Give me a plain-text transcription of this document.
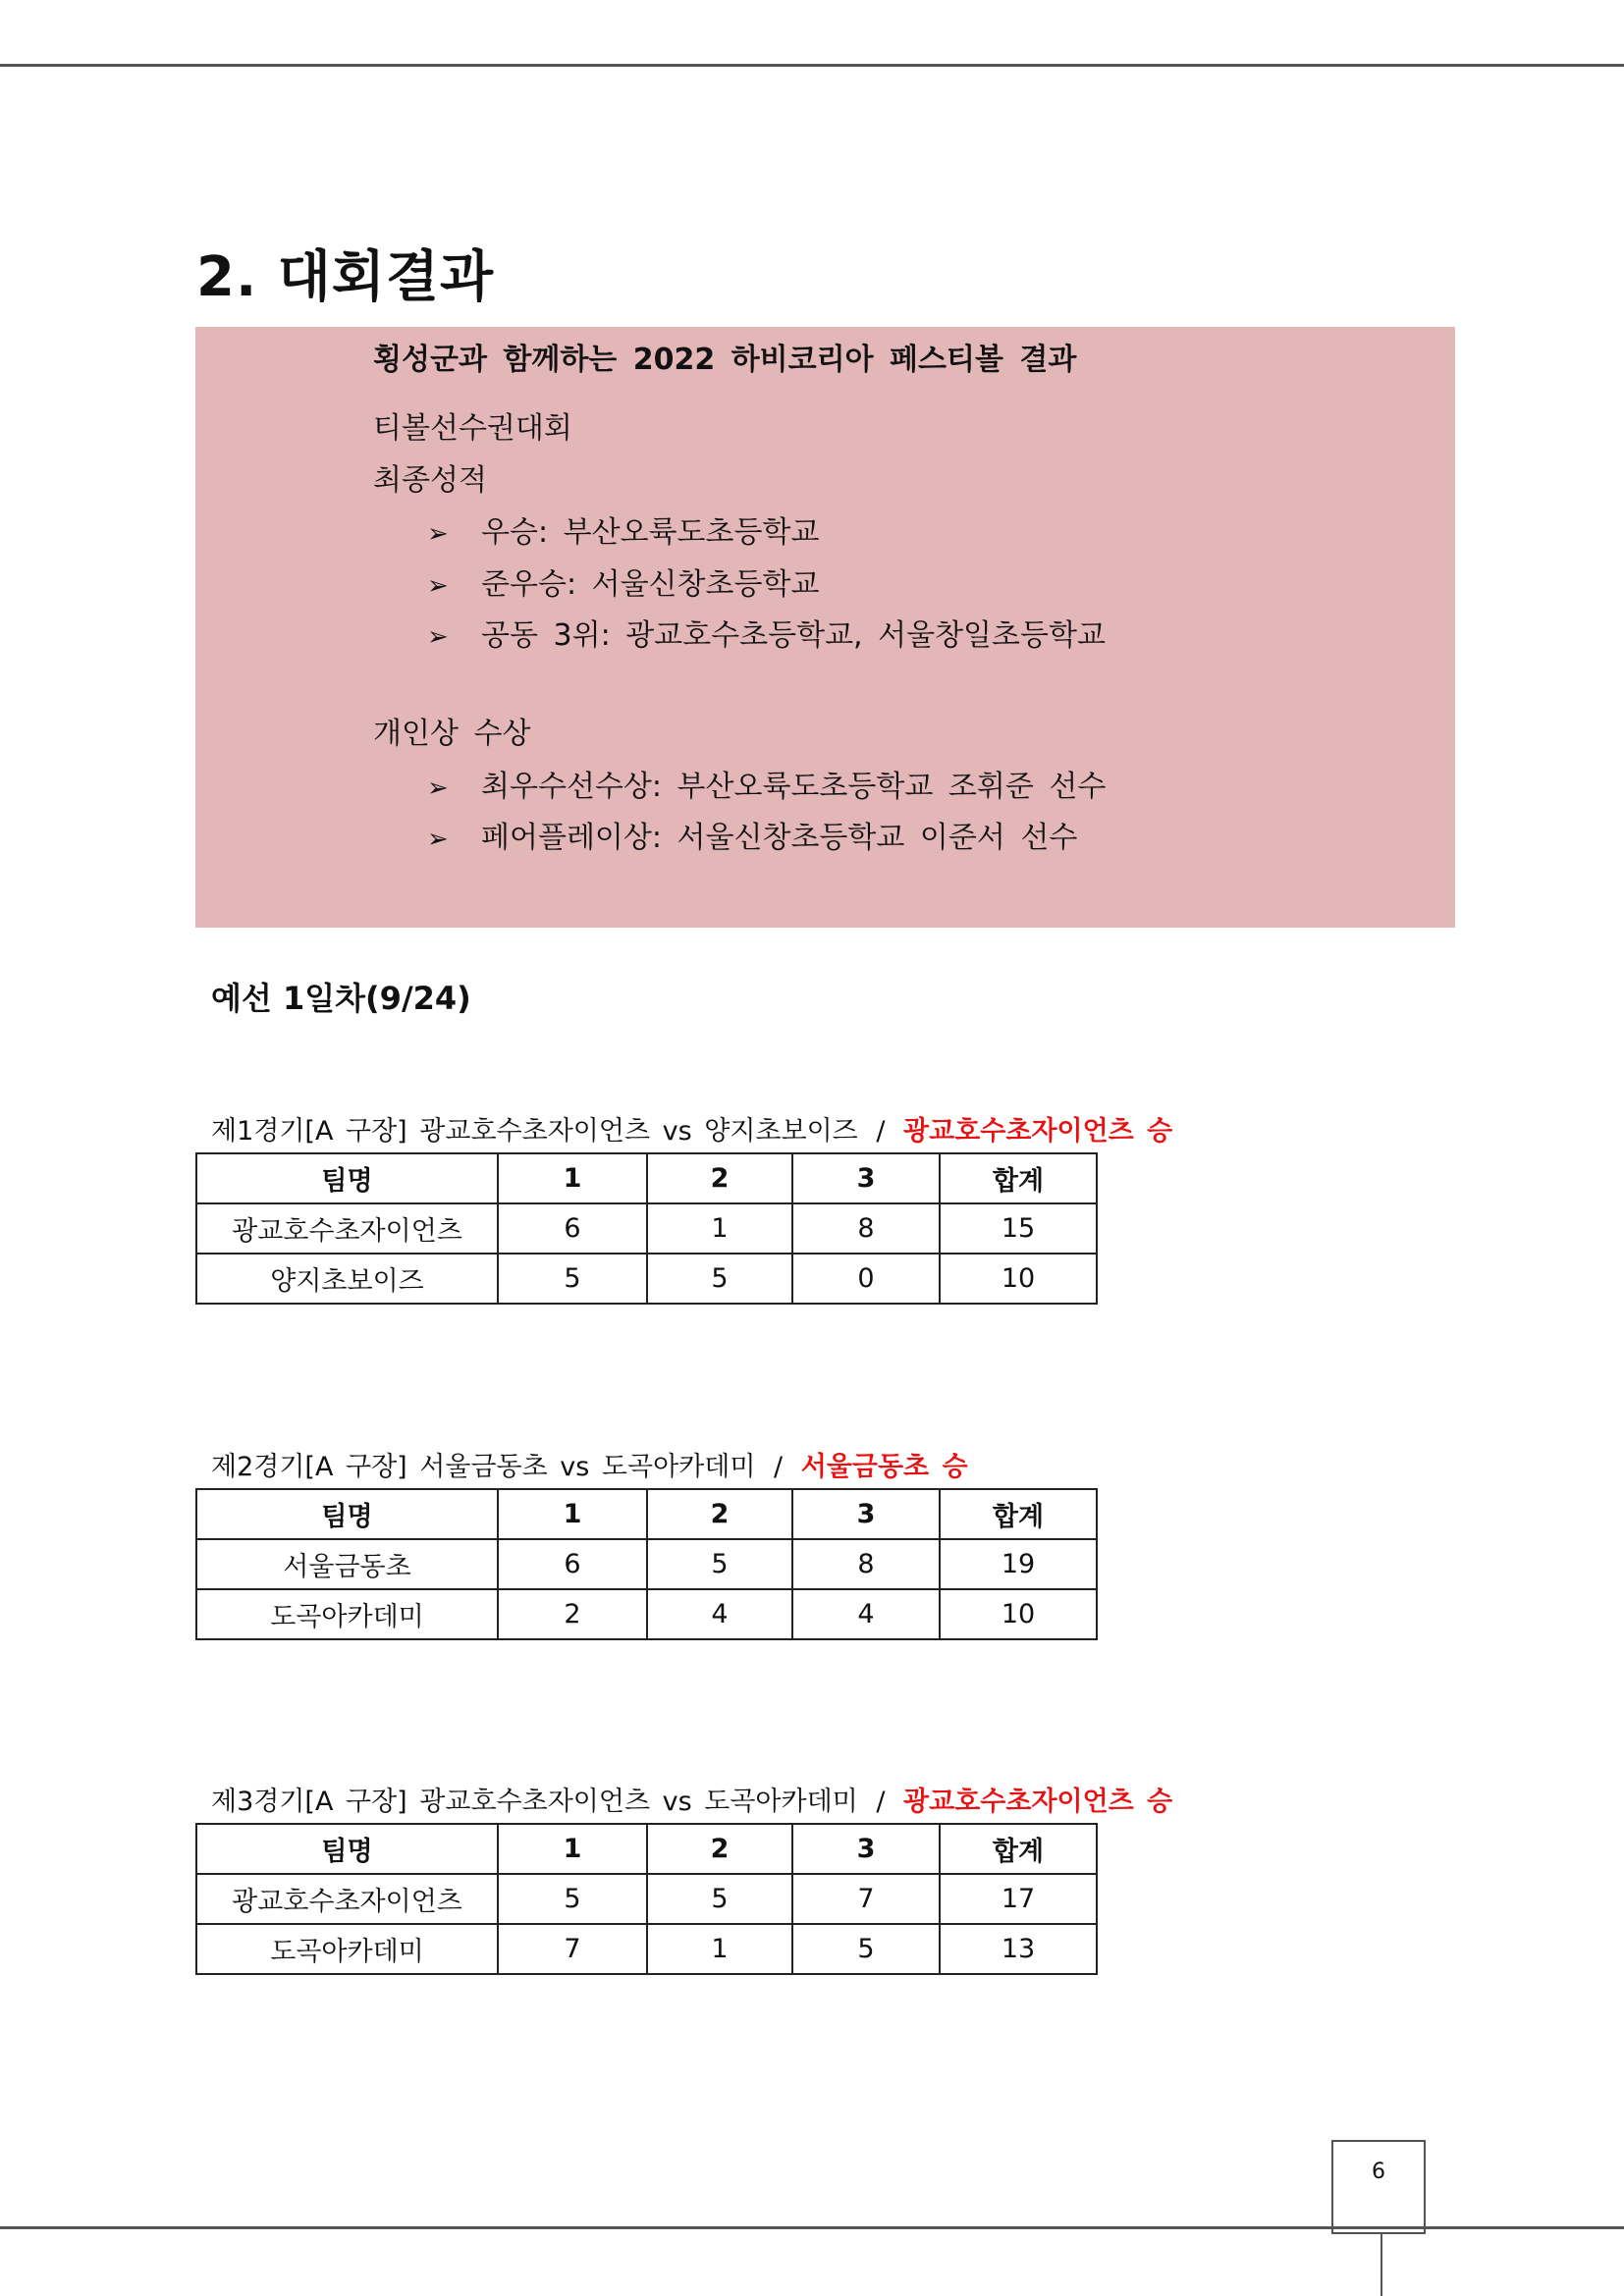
2. 대회결과
횡성군과 함께하는 2022 하비코리아 페스티볼 결과
티볼선수권대회
최종성적
➢ 우승: 부산오륙도초등학교
➢ 준우승: 서울신창초등학교
➢ 공동 3위: 광교호수초등학교, 서울창일초등학교
개인상 수상
➢ 최우수선수상: 부산오륙도초등학교 조휘준 선수
➢ 페어플레이상: 서울신창초등학교 이준서 선수
예선 1일차(9/24)
제1경기[A 구장] 광교호수초자이언츠 vs 양지초보이즈 / 광교호수초자이언츠 승
팀명	1	2	3	합계
광교호수초자이언츠	6	1	8	15
양지초보이즈	5	5	0	10
제2경기[A 구장] 서울금동초 vs 도곡아카데미 / 서울금동초 승
팀명	1	2	3	합계
서울금동초	6	5	8	19
도곡아카데미	2	4	4	10
제3경기[A 구장] 광교호수초자이언츠 vs 도곡아카데미 / 광교호수초자이언츠 승
팀명	1	2	3	합계
광교호수초자이언츠	5	5	7	17
도곡아카데미	7	1	5	13
6
